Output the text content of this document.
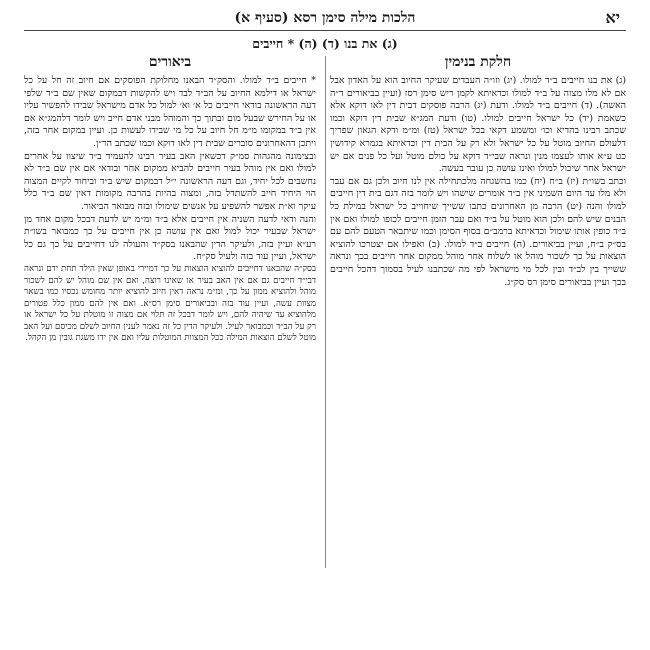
יא
הלכות מילה סימן רסא (סעיף א)
(ג) את בנו (ד) (ה) * חייבים
חלקת בנימין

(ג) את בנו חייבים ב״ד למולו. (יג) וזו״ה העבדים שעיקר החיוב הוא על האדון אבל אם לא מלו מצוה על ב״ד למולו וכדאיתא לקמן ריש סימן רסז (ועיין בביאורים ד״ה האשה). (ד) חייבים ב״ד למולו. ודעת (יג) הרבה פוסקים דבית דין לאו דוקא אלא כשאמת (יד) כל ישראל חייבים למולו. (טו) ודעת המג״א שבית דין דוקא וכמו שכתב רבינו בהדיא וכו׳ ומשמע דקאי בכל ישראל (טז) ומ״מ ודקא הגאון שפריך דלעולם החיוב מוטל על כל ישראל ולא רק על הבית דין וכדאיתא בגמרא קידושין כט ע״א אותו לעצמו מנין ונראה שבי״ד דוקא על כולם מוטל ועל כל פנים אם יש ישראל אחר שיכול למולו ואינו עושה כן עובר בעשה.

וכתב בשו״ת (יז) ב״ח (יח) כמו בהשגחה מלכתחילה אין לנו חיוב ולכן גם אם עבר ולא מלו עד היום השמיני אין ב״ד אומרים שישהו ויש לומר בזה דגם בית דין חייבים למולו והנה (יט) הרבה מן האחרונים כתבו ששייך שיחוייב כל ישראל במילת כל הבנים שיש להם ולכן הוא מוטל על ב״ד ואם עבר הזמן חייבים לכופו למולו ואם אין ב״ד כופין אותו שימול וכדאיתא ברמב״ם בסוף הסימן וכמו שיתבאר הטעם להם עם בס״ק ב״ח, ועיין בביאורים. (ה) חייבים ב״ד למולו. (כ) ואפילו אם יצטרכו להוציא הוצאות על כך לשכור מוהל או לשלוח אחר מוהל ממקום אחר חייבים בכך ונראה ששייך בין לב״ד ובין לכל מי מישראל לפי מה שכתבנו לעיל בסמוך דהכל חייבים בכך ועיין בביאורים סימן רס סק״ג.

ביאורים

* חייבים ב״ד למולו. והסק״ד הבאנו מחלוקת הפוסקים אם חיוב זה חל על כל ישראל או דילמא החיוב על הב״ד לבד ויש להקשות דבמקום שאין שם ב״ד שלפי דעה הראשונה בודאי חייבים כל א׳ וא׳ למול כל אדם מישראל שבידו להפשיר עליו או על החירש שבעל מום ובתוך כך והמוהל מבני אדם חייב ויש לומר דלהמג״א אם אין ב״ד במקומו מ״מ חל חיוב על כל מי שבידו לעשות כן. ועיין במקום אחר בזה, ויתכן דהאחרונים סוברים שבית דין לאו דוקא וכמו שכתב הר״ן.

ובצימונה מהגהות סמ״ק דכשאין האב בעיר רבינו להעמיד ב״ד שיצוו על אחרים למולו ואם אין מוהל בעיר חייבים להביא ממקום אחר ובודאי אם אין שם ב״ד לא נחשבים לכל יחיד, וגם דעה הראשונה י״ל דבמקום שיש ב״ד וביחוד לקיים המצוה הוי היחיד חייב להשתדל בזה, ומצוה בהיות בהרבה מקומות דאין שם ב״ד כלל עיקר וא״ת אפשר להשפיע על אנשים שימולו ובזה מבואר הביאור.

והנה ודאי לדעה השניה אין חייבים אלא ב״ד ומ״מ יש לדעת דבכל מקום אחד מן ישראל שבעיר יכול למול ואם אין עושה כן אין חייבים על כך כמבואר בשו״ת רע״א ועיין בזה, ולעיקר הדין שהבאנו בסק״ד והעולה לנו דחייבים על כך גם כל ישראל, ועיין עוד בזה ולעיל סק״ח.

בסק״ה שהבאנו דחייבים להוציא הוצאות על כך דמיירי באופן שאין הילד תחת ידם ונראה דבי״ד חייבים גם אם אין האב בעיר או שאינו רוצה, ואם אין שם מוהל יש להם לשכור מוהל ולהוציא ממון על כך, ומ״מ נראה דאין חיוב להוציא יותר מחומש נכסיו כמו בשאר מצוות עשה, ועיין עוד בזה ובביאורים סימן רס״א. ואם אין להם ממון כלל פטורים מלהוציא עד שיהיה להם, ויש לומר דבכל זה תלוי אם מצוה זו מוטלת על כל ישראל או רק על הב״ד וכמבואר לעיל. ולעיקר הדין כל זה נאמר לענין החיוב לשלם מכיסם ועל האב מוטל לשלם הוצאות המילה ככל המצוות המוטלות עליו ואם אין ידו משגת גובין מן הקהל.
